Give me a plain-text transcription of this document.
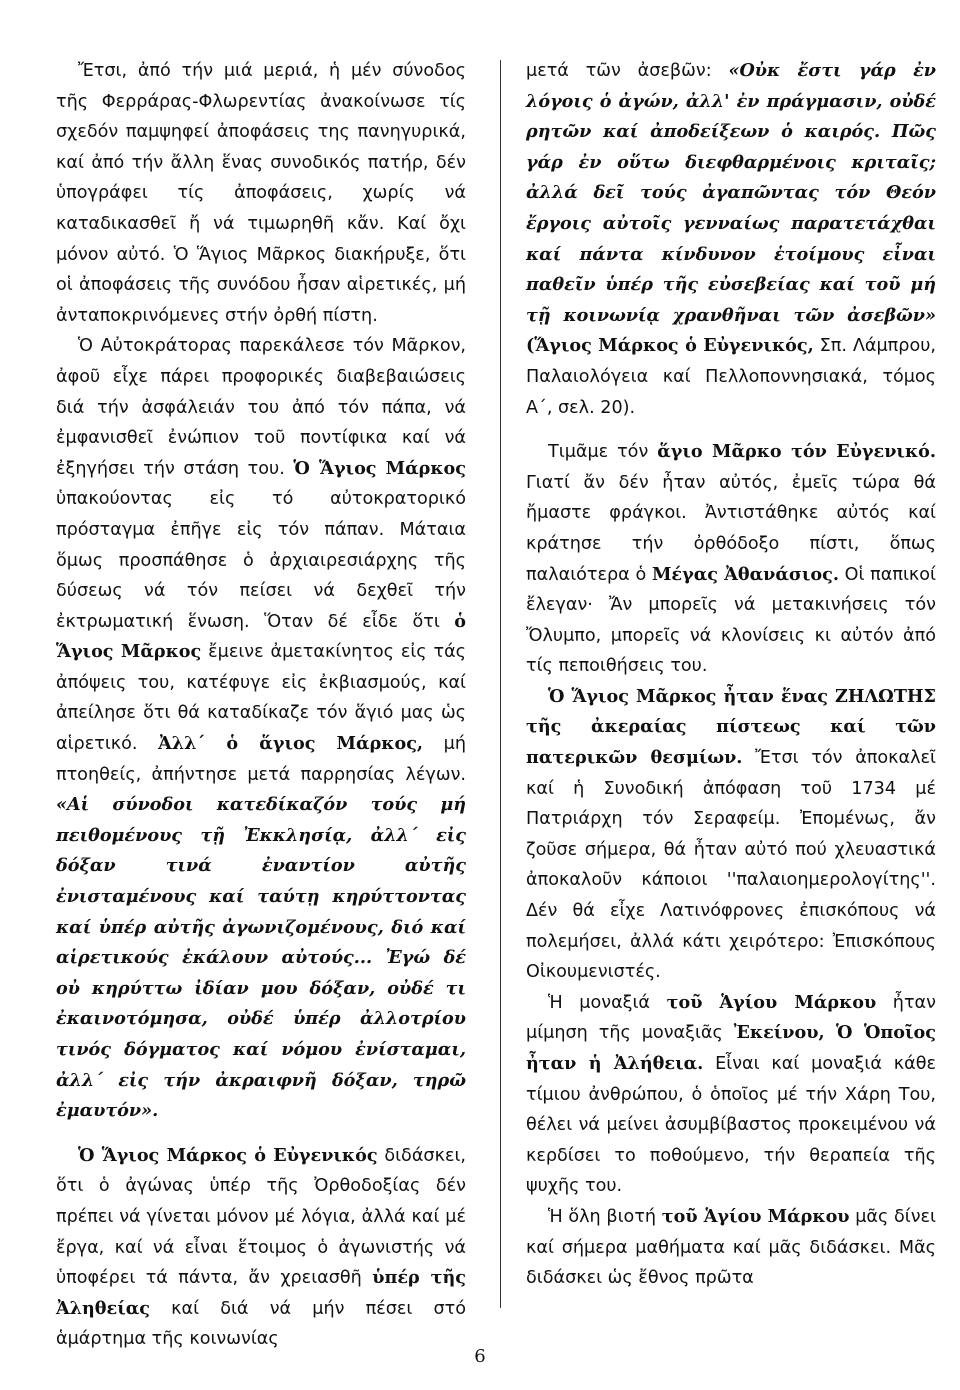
Ἔτσι, ἀπό τήν μιά μεριά, ἡ μέν σύνοδος τῆς Φερράρας-Φλωρεντίας ἀνακοίνωσε τίς σχεδόν παμψηφεί ἀποφάσεις της πανηγυρικά, καί ἀπό τήν ἄλλη ἕνας συνοδικός πατήρ, δέν ὑπογράφει τίς ἀποφάσεις, χωρίς νά καταδικασθεῖ ἤ νά τιμωρηθῆ κἄν. Καί ὄχι μόνον αὐτό. Ὁ Ἅγιος Μᾶρκος διακήρυξε, ὅτι οἱ ἀποφάσεις τῆς συνόδου ἦσαν αἱρετικές, μή ἀνταποκρινόμενες στήν ὀρθή πίστη.

Ὁ Αὐτοκράτορας παρεκάλεσε τόν Μᾶρκον, ἀφοῦ εἶχε πάρει προφορικές διαβεβαιώσεις διά τήν ἀσφάλειάν του ἀπό τόν πάπα, νά ἐμφανισθεῖ ἐνώπιον τοῦ ποντίφικα καί νά ἐξηγήσει τήν στάση του. Ὁ Ἅγιος Μάρκος ὑπακούοντας εἰς τό αὐτοκρατορικό πρόσταγμα ἐπῆγε εἰς τόν πάπαν. Μάταια ὅμως προσπάθησε ὁ ἀρχιαιρεσιάρχης τῆς δύσεως νά τόν πείσει νά δεχθεῖ τήν ἐκτρωματική ἕνωση. Ὅταν δέ εἶδε ὅτι ὁ Ἅγιος Μᾶρκος ἔμεινε ἀμετακίνητος εἰς τάς ἀπόψεις του, κατέφυγε εἰς ἐκβιασμούς, καί ἀπείλησε ὅτι θά καταδίκαζε τόν ἅγιό μας ὡς αἱρετικό. Ἀλλ΄ ὁ ἅγιος Μάρκος, μή πτοηθείς, ἀπήντησε μετά παρρησίας λέγων. «Αἱ σύνοδοι κατεδίκαζόν τούς μή πειθομένους τῇ Ἐκκλησίᾳ, ἀλλ΄ εἰς δόξαν τινά ἐναντίον αὐτῆς ἐνισταμένους καί ταύτῃ κηρύττοντας καί ὑπέρ αὐτῆς ἀγωνιζομένους, διό καί αἱρετικούς ἐκάλουν αὐτούς... Ἐγώ δέ οὐ κηρύττω ἰδίαν μου δόξαν, οὐδέ τι ἐκαινοτόμησα, οὐδέ ὑπέρ ἀλλοτρίου τινός δόγματος καί νόμου ἐνίσταμαι, ἀλλ΄ εἰς τήν ἀκραιφνῆ δόξαν, τηρῶ ἐμαυτόν».

Ὁ Ἅγιος Μάρκος ὁ Εὐγενικός διδάσκει, ὅτι ὁ ἀγώνας ὑπέρ τῆς Ὀρθοδοξίας δέν πρέπει νά γίνεται μόνον μέ λόγια, ἀλλά καί μέ ἔργα, καί νά εἶναι ἕτοιμος ὁ ἀγωνιστής νά ὑποφέρει τά πάντα, ἄν χρειασθῆ ὑπέρ τῆς Ἀληθείας καί διά νά μήν πέσει στό ἁμάρτημα τῆς κοινωνίας

μετά τῶν ἀσεβῶν: «Οὐκ ἔστι γάρ ἐν λόγοις ὁ ἀγών, ἀλλ' ἐν πράγμασιν, οὐδέ ρητῶν καί ἀποδείξεων ὁ καιρός. Πῶς γάρ ἐν οὕτω διεφθαρμένοις κριταῖς; ἀλλά δεῖ τούς ἀγαπῶντας τόν Θεόν ἔργοις αὐτοῖς γενναίως παρατετάχθαι καί πάντα κίνδυνον ἑτοίμους εἶναι παθεῖν ὑπέρ τῆς εὐσεβείας καί τοῦ μή τῇ κοινωνίᾳ χρανθῆναι τῶν ἀσεβῶν» (Ἅγιος Μάρκος ὁ Εὐγενικός, Σπ. Λάμπρου, Παλαιολόγεια καί Πελλοποννησιακά, τόμος Α΄, σελ. 20).

Τιμᾶμε τόν ἅγιο Μᾶρκο τόν Εὐγενικό. Γιατί ἄν δέν ἦταν αὐτός, ἐμεῖς τώρα θά ἤμαστε φράγκοι. Ἀντιστάθηκε αὐτός καί κράτησε τήν ὀρθόδοξο πίστι, ὅπως παλαιότερα ὁ Μέγας Ἀθανάσιος. Οἱ παπικοί ἔλεγαν· Ἄν μπορεῖς νά μετακινήσεις τόν Ὄλυμπο, μπορεῖς νά κλονίσεις κι αὐτόν ἀπό τίς πεποιθήσεις του.

Ὁ Ἅγιος Μᾶρκος ἦταν ἕνας ΖΗΛΩΤΗΣ τῆς ἀκεραίας πίστεως καί τῶν πατερικῶν θεσμίων. Ἔτσι τόν ἀποκαλεῖ καί ἡ Συνοδική ἀπόφαση τοῦ 1734 μέ Πατριάρχη τόν Σεραφείμ. Ἐπομένως, ἄν ζοῦσε σήμερα, θά ἦταν αὐτό πού χλευαστικά ἀποκαλοῦν κάποιοι ''παλαιοημερολογίτης''. Δέν θά εἶχε Λατινόφρονες ἐπισκόπους νά πολεμήσει, ἀλλά κάτι χειρότερο: Ἐπισκόπους Οἰκουμενιστές.

Ἡ μοναξιά τοῦ Ἁγίου Μάρκου ἦταν μίμηση τῆς μοναξιᾶς Ἐκείνου, Ὁ Ὁποῖος ἦταν ἡ Ἀλήθεια. Εἶναι καί μοναξιά κάθε τίμιου ἀνθρώπου, ὁ ὁποῖος μέ τήν Χάρη Του, θέλει νά μείνει ἀσυμβίβαστος προκειμένου νά κερδίσει το ποθούμενο, τήν θεραπεία τῆς ψυχῆς του.

Ἡ ὅλη βιοτή τοῦ Ἁγίου Μάρκου μᾶς δίνει καί σήμερα μαθήματα καί μᾶς διδάσκει. Μᾶς διδάσκει ὡς ἔθνος πρῶτα

6
